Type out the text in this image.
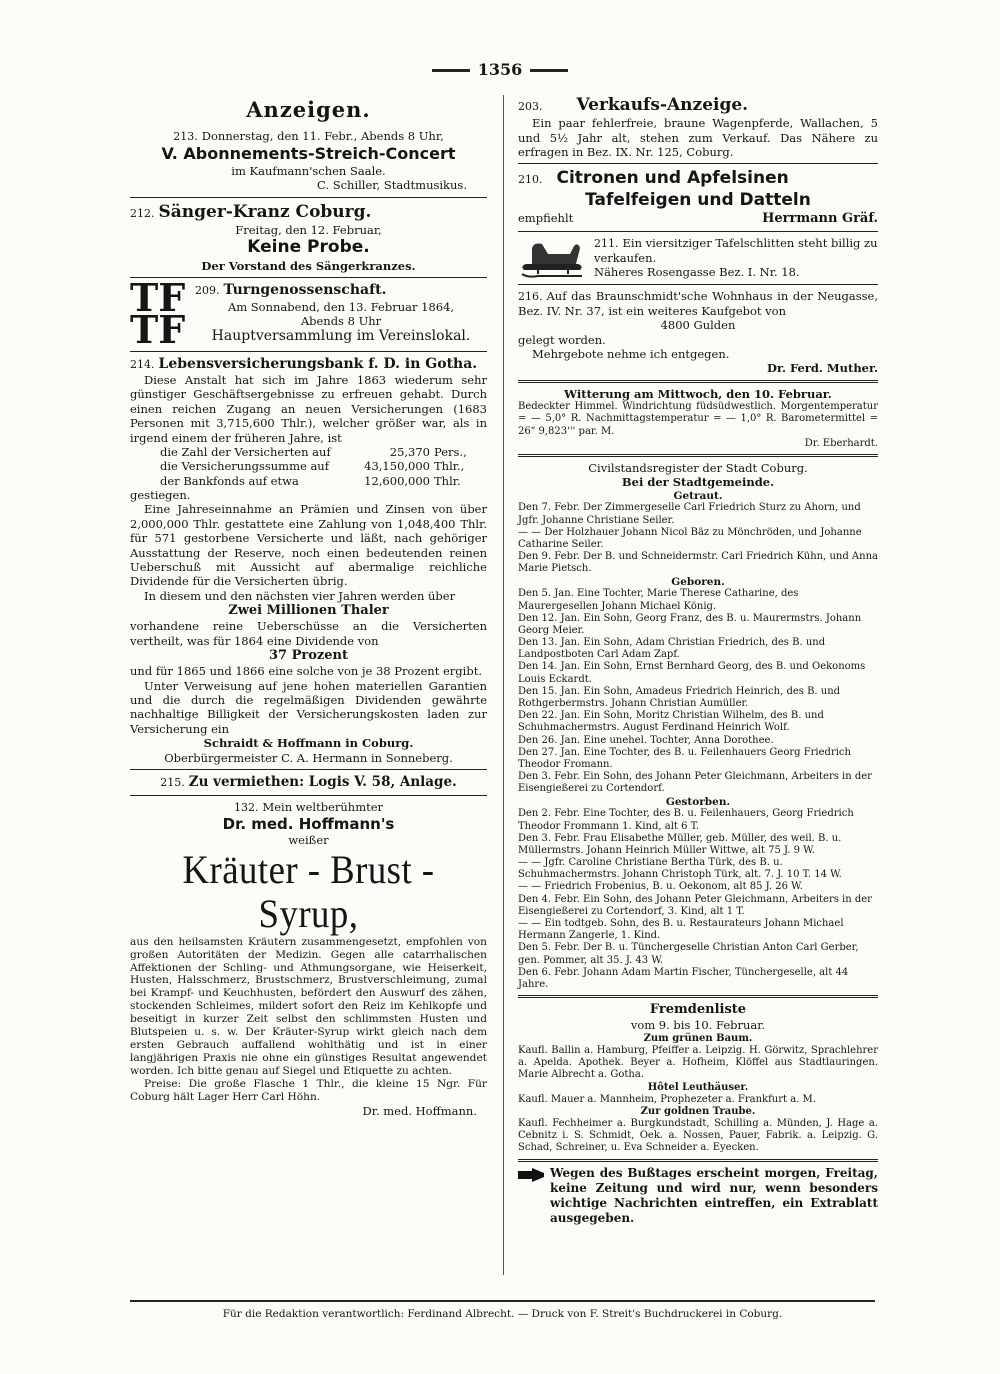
1356
Anzeigen.
213. Donnerstag, den 11. Febr., Abends 8 Uhr,
V. Abonnements-Streich-Concert
im Kaufmann'schen Saale.
C. Schiller, Stadtmusikus.
212. Sänger-Kranz Coburg.
Freitag, den 12. Februar,
Keine Probe.
Der Vorstand des Sängerkranzes.
TF
TF
209. Turngenossenschaft.
Am Sonnabend, den 13. Februar 1864,
Abends 8 Uhr
Hauptversammlung im Vereinslokal.
214. Lebensversicherungsbank f. D. in Gotha.
Diese Anstalt hat sich im Jahre 1863 wiederum sehr günstiger Geschäftsergebnisse zu erfreuen gehabt. Durch einen reichen Zugang an neuen Versicherungen (1683 Personen mit 3,715,600 Thlr.), welcher größer war, als in irgend einem der früheren Jahre, ist
die Zahl der Versicherten auf	25,370 Pers.,
die Versicherungssumme auf	43,150,000 Thlr.,
der Bankfonds auf etwa	12,600,000 Thlr.
gestiegen.
Eine Jahreseinnahme an Prämien und Zinsen von über 2,000,000 Thlr. gestattete eine Zahlung von 1,048,400 Thlr. für 571 gestorbene Versicherte und läßt, nach gehöriger Ausstattung der Reserve, noch einen bedeutenden reinen Ueberschuß mit Aussicht auf abermalige reichliche Dividende für die Versicherten übrig.
In diesem und den nächsten vier Jahren werden über
Zwei Millionen Thaler
vorhandene reine Ueberschüsse an die Versicherten vertheilt, was für 1864 eine Dividende von
37 Prozent
und für 1865 und 1866 eine solche von je 38 Prozent ergibt.
Unter Verweisung auf jene hohen materiellen Garantien und die durch die regelmäßigen Dividenden gewährte nachhaltige Billigkeit der Versicherungskosten laden zur Versicherung ein
Schraidt & Hoffmann in Coburg.
Oberbürgermeister C. A. Hermann in Sonneberg.
215. Zu vermiethen: Logis V. 58, Anlage.
132. Mein weltberühmter
Dr. med. Hoffmann's
weißer
Kräuter - Brust - Syrup,
aus den heilsamsten Kräutern zusammengesetzt, empfohlen von großen Autoritäten der Medizin. Gegen alle catarrhalischen Affektionen der Schling- und Athmungsorgane, wie Heiserkeit, Husten, Halsschmerz, Brustschmerz, Brustverschleimung, zumal bei Krampf- und Keuchhusten, befördert den Auswurf des zähen, stockenden Schleimes, mildert sofort den Reiz im Kehlkopfe und beseitigt in kurzer Zeit selbst den schlimmsten Husten und Blutspeien u. s. w. Der Kräuter-Syrup wirkt gleich nach dem ersten Gebrauch auffallend wohlthätig und ist in einer langjährigen Praxis nie ohne ein günstiges Resultat angewendet worden. Ich bitte genau auf Siegel und Etiquette zu achten.
Preise: Die große Flasche 1 Thlr., die kleine 15 Ngr. Für Coburg hält Lager Herr Carl Höhn.
Dr. med. Hoffmann.
203. Verkaufs-Anzeige.
Ein paar fehlerfreie, braune Wagenpferde, Wallachen, 5 und 5½ Jahr alt, stehen zum Verkauf. Das Nähere zu erfragen in Bez. IX. Nr. 125, Coburg.
210. Citronen und Apfelsinen
Tafelfeigen und Datteln
empfiehlt	Herrmann Gräf.
211. Ein viersitziger Tafelschlitten steht billig zu verkaufen.
Näheres Rosengasse Bez. I. Nr. 18.
216. Auf das Braunschmidt'sche Wohnhaus in der Neugasse, Bez. IV. Nr. 37, ist ein weiteres Kaufgebot von
4800 Gulden
gelegt worden.
Mehrgebote nehme ich entgegen.
Dr. Ferd. Muther.
Witterung am Mittwoch, den 10. Februar.
Bedeckter Himmel. Windrichtung füdsüdwestlich. Morgentemperatur = — 5,0° R. Nachmittagstemperatur = — 1,0° R. Barometermittel = 26" 9,823''' par. M.
Dr. Eberhardt.
Civilstandsregister der Stadt Coburg.
Bei der Stadtgemeinde.
Getraut.
Den 7. Febr. Der Zimmergeselle Carl Friedrich Sturz zu Ahorn, und Jgfr. Johanne Christiane Seiler.
— — Der Holzhauer Johann Nicol Bäz zu Mönchröden, und Johanne Catharine Seiler.
Den 9. Febr. Der B. und Schneidermstr. Carl Friedrich Kühn, und Anna Marie Pietsch.
Geboren.
Den 5. Jan. Eine Tochter, Marie Therese Catharine, des Maurergesellen Johann Michael König.
Den 12. Jan. Ein Sohn, Georg Franz, des B. u. Maurermstrs. Johann Georg Meier.
Den 13. Jan. Ein Sohn, Adam Christian Friedrich, des B. und Landpostboten Carl Adam Zapf.
Den 14. Jan. Ein Sohn, Ernst Bernhard Georg, des B. und Oekonoms Louis Eckardt.
Den 15. Jan. Ein Sohn, Amadeus Friedrich Heinrich, des B. und Rothgerbermstrs. Johann Christian Aumüller.
Den 22. Jan. Ein Sohn, Moritz Christian Wilhelm, des B. und Schuhmachermstrs. August Ferdinand Heinrich Wolf.
Den 26. Jan. Eine unehel. Tochter, Anna Dorothee.
Den 27. Jan. Eine Tochter, des B. u. Feilenhauers Georg Friedrich Theodor Fromann.
Den 3. Febr. Ein Sohn, des Johann Peter Gleichmann, Arbeiters in der Eisengießerei zu Cortendorf.
Gestorben.
Den 2. Febr. Eine Tochter, des B. u. Feilenhauers, Georg Friedrich Theodor Frommann 1. Kind, alt 6 T.
Den 3. Febr. Frau Elisabethe Müller, geb. Müller, des weil. B. u. Müllermstrs. Johann Heinrich Müller Wittwe, alt 75 J. 9 W.
— — Jgfr. Caroline Christiane Bertha Türk, des B. u. Schuhmachermstrs. Johann Christoph Türk, alt. 7. J. 10 T. 14 W.
— — Friedrich Frobenius, B. u. Oekonom, alt 85 J. 26 W.
Den 4. Febr. Ein Sohn, des Johann Peter Gleichmann, Arbeiters in der Eisengießerei zu Cortendorf, 3. Kind, alt 1 T.
— — Ein todtgeb. Sohn, des B. u. Restaurateurs Johann Michael Hermann Zangerle, 1. Kind.
Den 5. Febr. Der B. u. Tünchergeselle Christian Anton Carl Gerber, gen. Pommer, alt 35. J. 43 W.
Den 6. Febr. Johann Adam Martin Fischer, Tünchergeselle, alt 44 Jahre.
Fremdenliste
vom 9. bis 10. Februar.
Zum grünen Baum.
Kaufl. Ballin a. Hamburg, Pfeiffer a. Leipzig. H. Görwitz, Sprachlehrer a. Apelda. Apothek. Beyer a. Hofheim, Klöffel aus Stadtlauringen. Marie Albrecht a. Gotha.
Hôtel Leuthäuser.
Kaufl. Mauer a. Mannheim, Prophezeter a. Frankfurt a. M.
Zur goldnen Traube.
Kaufl. Fechheimer a. Burgkundstadt, Schilling a. Münden, J. Hage a. Cebnitz i. S. Schmidt, Oek. a. Nossen, Pauer, Fabrik. a. Leipzig. G. Schad, Schreiner, u. Eva Schneider a. Eyecken.
Wegen des Bußtages erscheint morgen, Freitag, keine Zeitung und wird nur, wenn besonders wichtige Nachrichten eintreffen, ein Extrablatt ausgegeben.
Für die Redaktion verantwortlich: Ferdinand Albrecht. — Druck von F. Streit's Buchdruckerei in Coburg.
